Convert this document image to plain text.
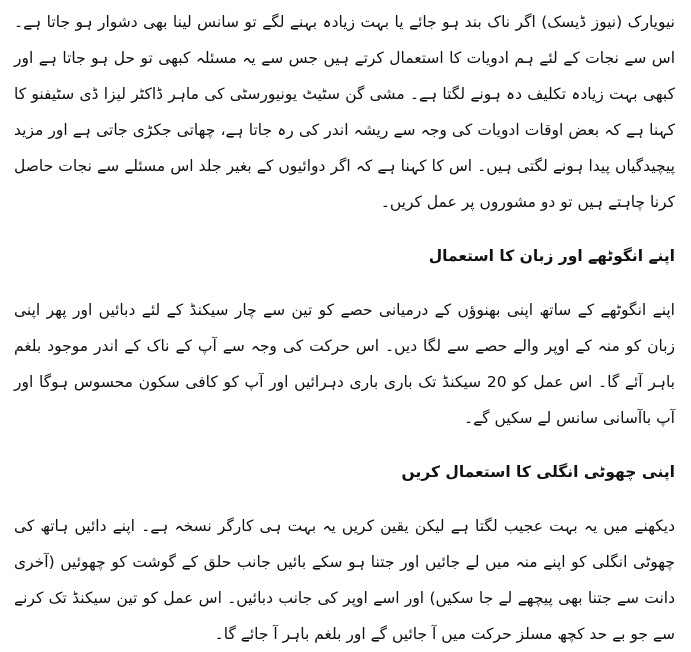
نیویارک (نیوز ڈیسک) اگر ناک بند ہو جائے یا بہت زیادہ بہنے لگے تو سانس لینا بھی دشوار ہو جاتا ہے۔ اس سے نجات کے لئے ہم ادویات کا استعمال کرتے ہیں جس سے یہ مسئلہ کبھی تو حل ہو جاتا ہے اور کبھی بہت زیادہ تکلیف دہ ہونے لگتا ہے۔ مشی گن سٹیٹ یونیورسٹی کی ماہر ڈاکٹر لیزا ڈی سٹیفنو کا کہنا ہے کہ بعض اوقات ادویات کی وجہ سے ریشہ اندر کی رہ جاتا ہے، چھاتی جکڑی جاتی ہے اور مزید پیچیدگیاں پیدا ہونے لگتی ہیں۔ اس کا کہنا ہے کہ اگر دوائیوں کے بغیر جلد اس مسئلے سے نجات حاصل کرنا چاہتے ہیں تو دو مشوروں پر عمل کریں۔

اپنے انگوٹھے اور زبان کا استعمال

اپنے انگوٹھے کے ساتھ اپنی بھنوؤں کے درمیانی حصے کو تین سے چار سیکنڈ کے لئے دبائیں اور پھر اپنی زبان کو منہ کے اوپر والے حصے سے لگا دیں۔ اس حرکت کی وجہ سے آپ کے ناک کے اندر موجود بلغم باہر آئے گا۔ اس عمل کو 20 سیکنڈ تک باری باری دہرائیں اور آپ کو کافی سکون محسوس ہوگا اور آپ باآسانی سانس لے سکیں گے۔

اپنی چھوٹی انگلی کا استعمال کریں

دیکھنے میں یہ بہت عجیب لگتا ہے لیکن یقین کریں یہ بہت ہی کارگر نسخہ ہے۔ اپنے دائیں ہاتھ کی چھوٹی انگلی کو اپنے منہ میں لے جائیں اور جتنا ہو سکے بائیں جانب حلق کے گوشت کو چھوئیں (آخری دانت سے جتنا بھی پیچھے لے جا سکیں) اور اسے اوپر کی جانب دبائیں۔ اس عمل کو تین سیکنڈ تک کرنے سے جو بے حد کچھ مسلز حرکت میں آ جائیں گے اور بلغم باہر آ جائے گا۔
